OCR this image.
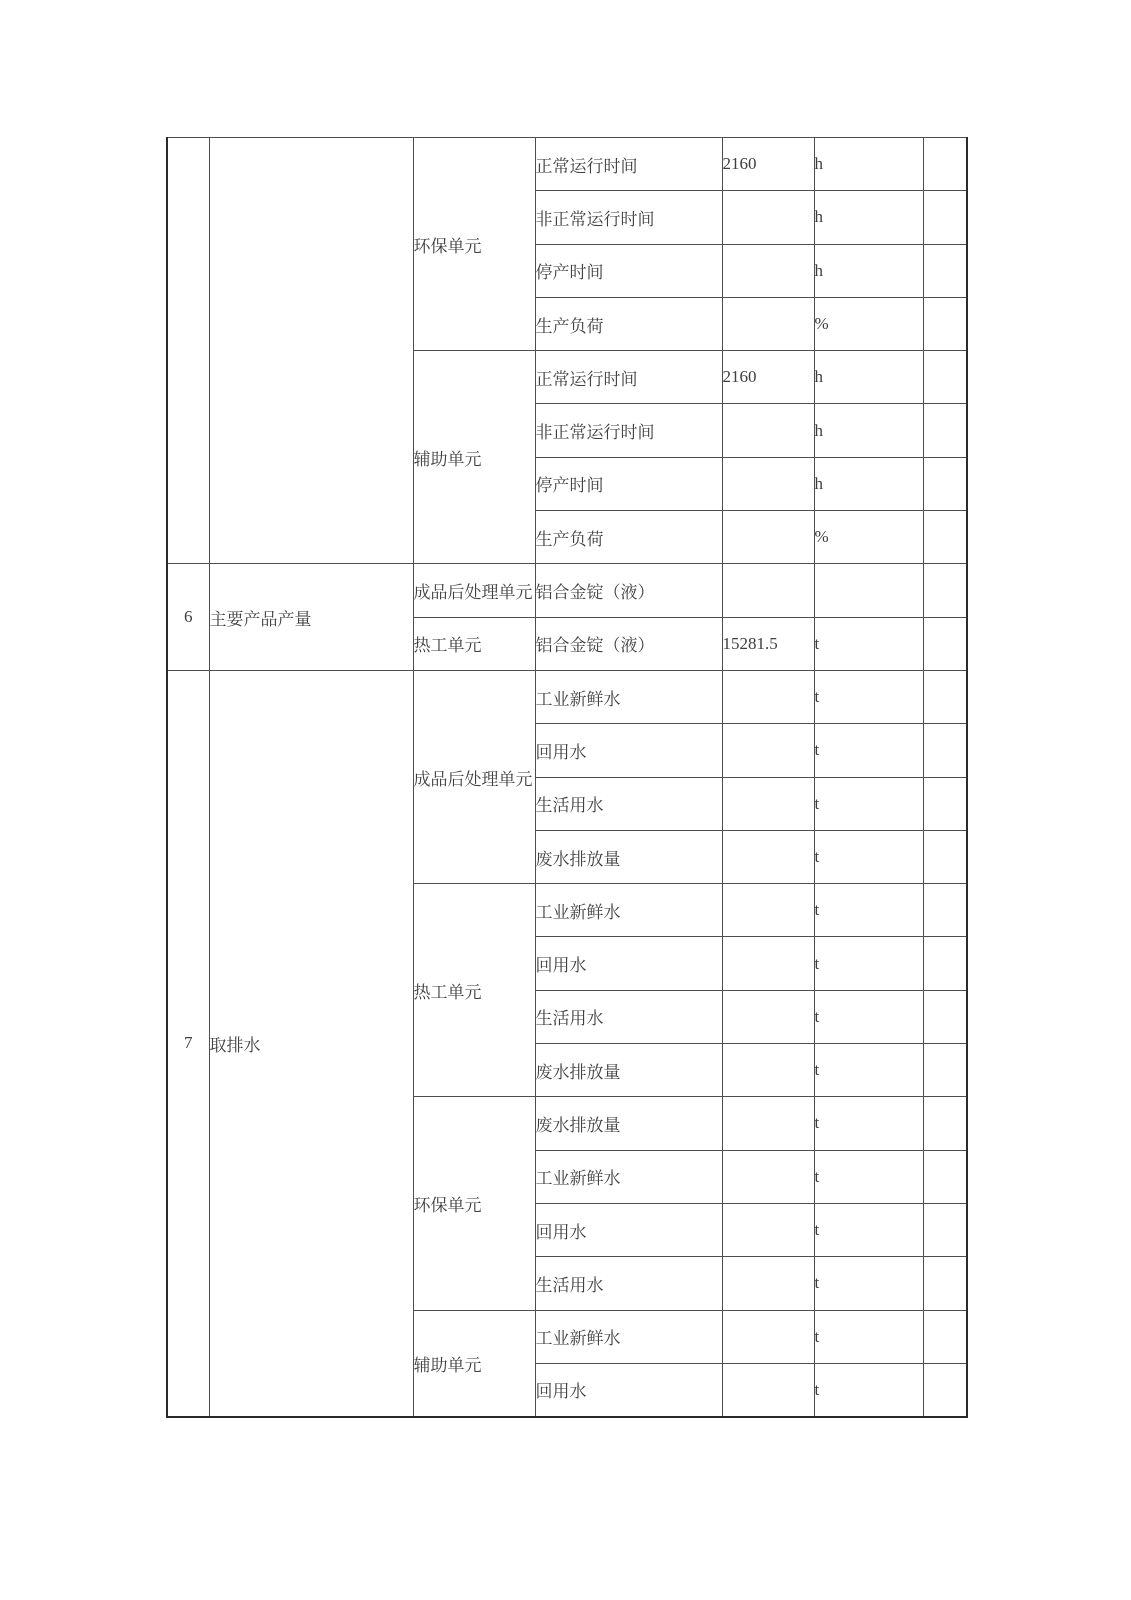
		环保单元	正常运行时间	2160	h	
			非正常运行时间		h	
			停产时间		h	
			生产负荷		%	
		辅助单元	正常运行时间	2160	h	
			非正常运行时间		h	
			停产时间		h	
			生产负荷		%	
6	主要产品产量	成品后处理单元	铝合金锭（液）			
		热工单元	铝合金锭（液）	15281.5	t	
7	取排水	成品后处理单元	工业新鲜水		t	
			回用水		t	
			生活用水		t	
			废水排放量		t	
		热工单元	工业新鲜水		t	
			回用水		t	
			生活用水		t	
			废水排放量		t	
		环保单元	废水排放量		t	
			工业新鲜水		t	
			回用水		t	
			生活用水		t	
		辅助单元	工业新鲜水		t	
			回用水		t	
